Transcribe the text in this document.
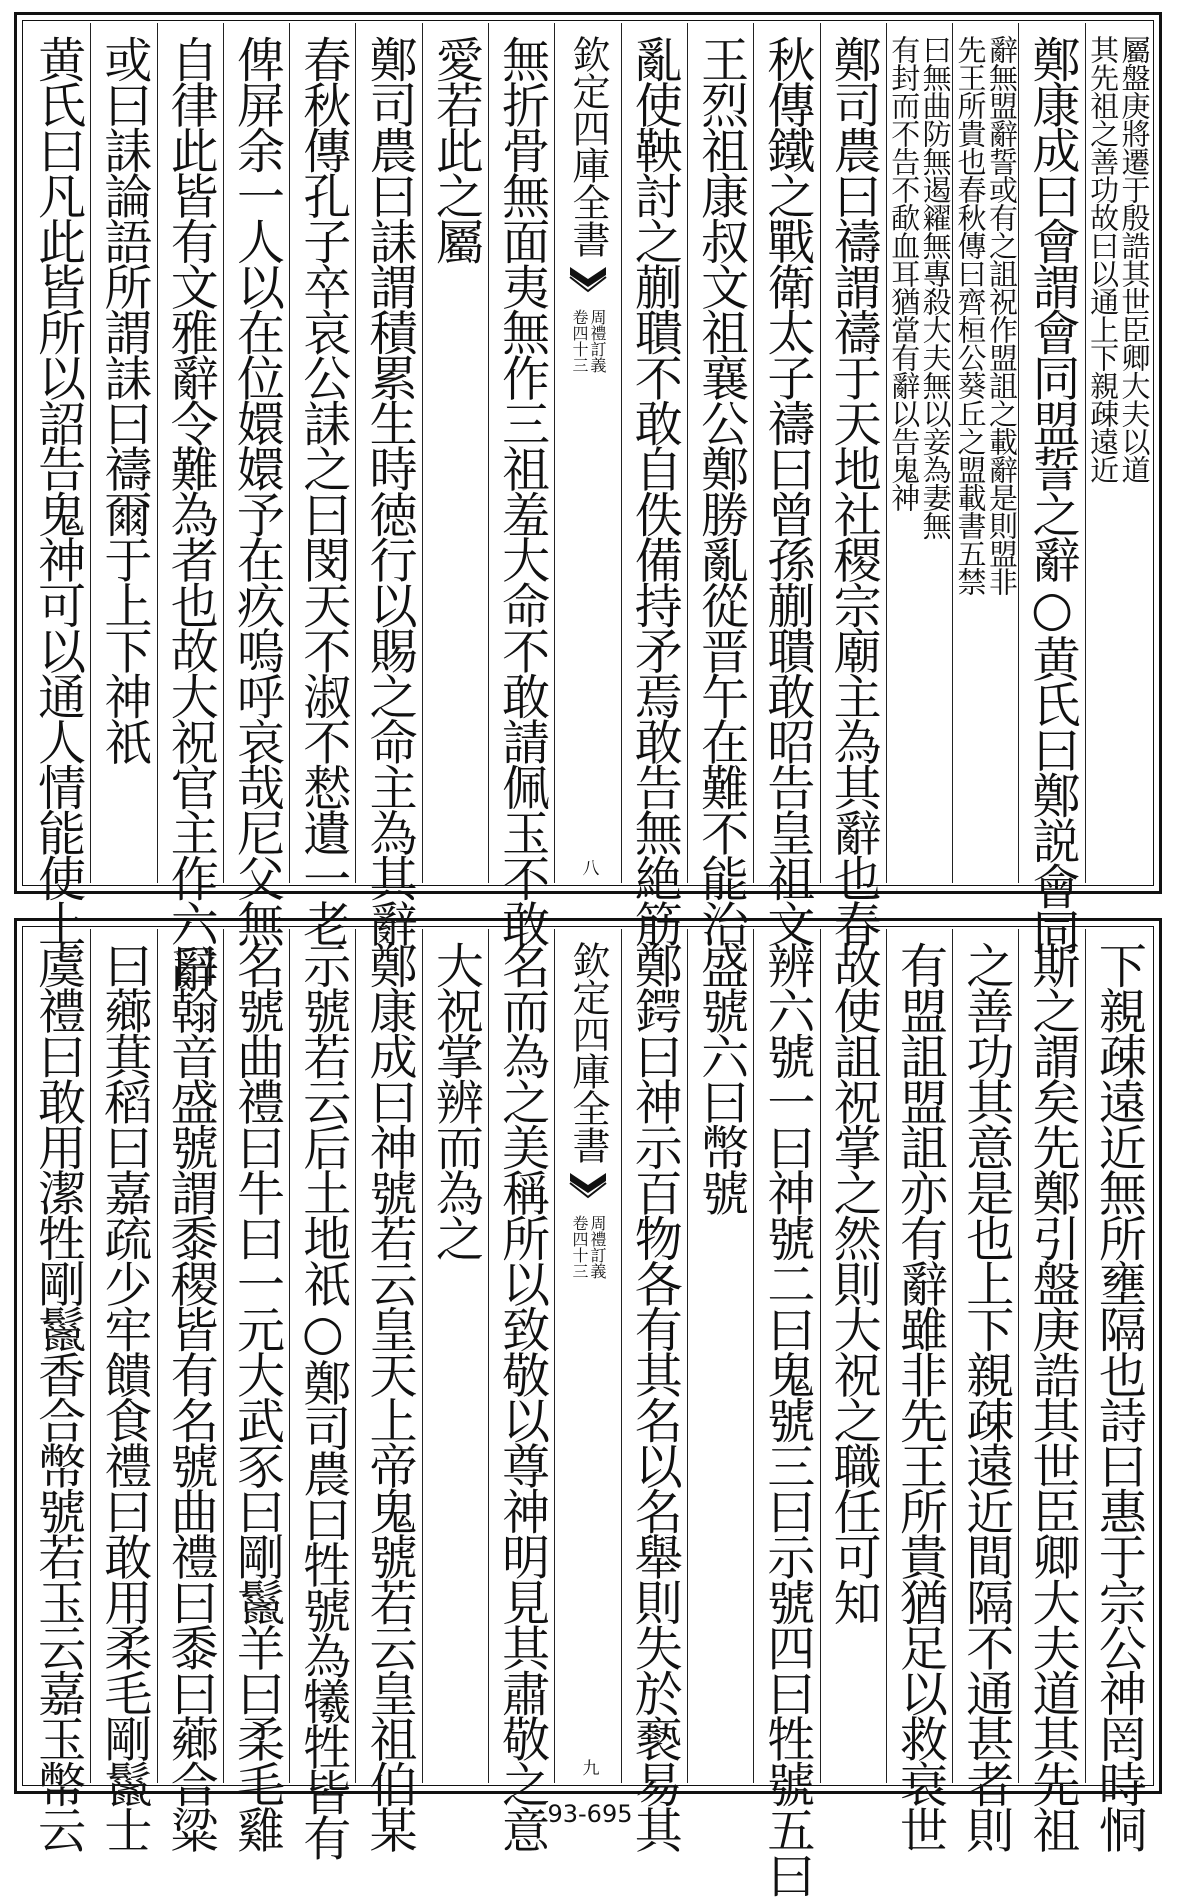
屬盤庚將遷于殷誥其世臣卿大夫以道
其先祖之善功故曰以通上下親疎遠近
鄭康成曰會謂會同盟誓之辭○黄氏曰鄭説會同
辭無盟辭誓或有之詛祝作盟詛之載辭是則盟非
先王所貴也春秋傳曰齊桓公葵丘之盟載書五禁
曰無曲防無遏糴無專殺大夫無以妾為妻無
有封而不告不歃血耳猶當有辭以告鬼神
鄭司農曰禱謂禱于天地社稷宗廟主為其辭也春
秋傳鐵之戰衛太子禱曰曾孫蒯聵敢昭告皇祖文
王烈祖康叔文祖襄公鄭勝亂從晋午在難不能治
亂使鞅討之蒯聵不敢自佚備持矛焉敢告無絶筋
欽定四庫全書
周禮訂義
卷四十三
八
無折骨無面夷無作三祖羞大命不敢請佩玉不敢
愛若此之屬
鄭司農曰誄謂積累生時徳行以賜之命主為其辭
春秋傳孔子卒哀公誄之曰閔天不淑不慭遺一老
俾屏余一人以在位嬛嬛予在疚嗚呼哀哉尼父無
自律此皆有文雅辭令難為者也故大祝官主作六辭
或曰誄論語所謂誄曰禱爾于上下神祇
黄氏曰凡此皆所以詔告鬼神可以通人情能使上
下親疎遠近無所壅隔也詩曰惠于宗公神罔時恫
斯之謂矣先鄭引盤庚誥其世臣卿大夫道其先祖
之善功其意是也上下親疎遠近間隔不通甚者則
有盟詛盟詛亦有辭雖非先王所貴猶足以救衰世
故使詛祝掌之然則大祝之職任可知
辨六號一曰神號二曰鬼號三曰示號四曰牲號五曰
盛號六曰幣號
鄭鍔曰神示百物各有其名以名舉則失於褻易其
欽定四庫全書
周禮訂義
卷四十三
九
名而為之美稱所以致敬以尊神明見其肅敬之意
大祝掌辨而為之
鄭康成曰神號若云皇天上帝鬼號若云皇祖伯某
示號若云后土地祇○鄭司農曰牲號為犧牲皆有
名號曲禮曰牛曰一元大武豕曰剛鬣羊曰柔毛雞
曰翰音盛號謂黍稷皆有名號曲禮曰黍曰薌合粱
曰薌萁稻曰嘉疏少牢饋食禮曰敢用柔毛剛鬣士
虞禮曰敢用潔牲剛鬣香合幣號若玉云嘉玉幣云	93-695
